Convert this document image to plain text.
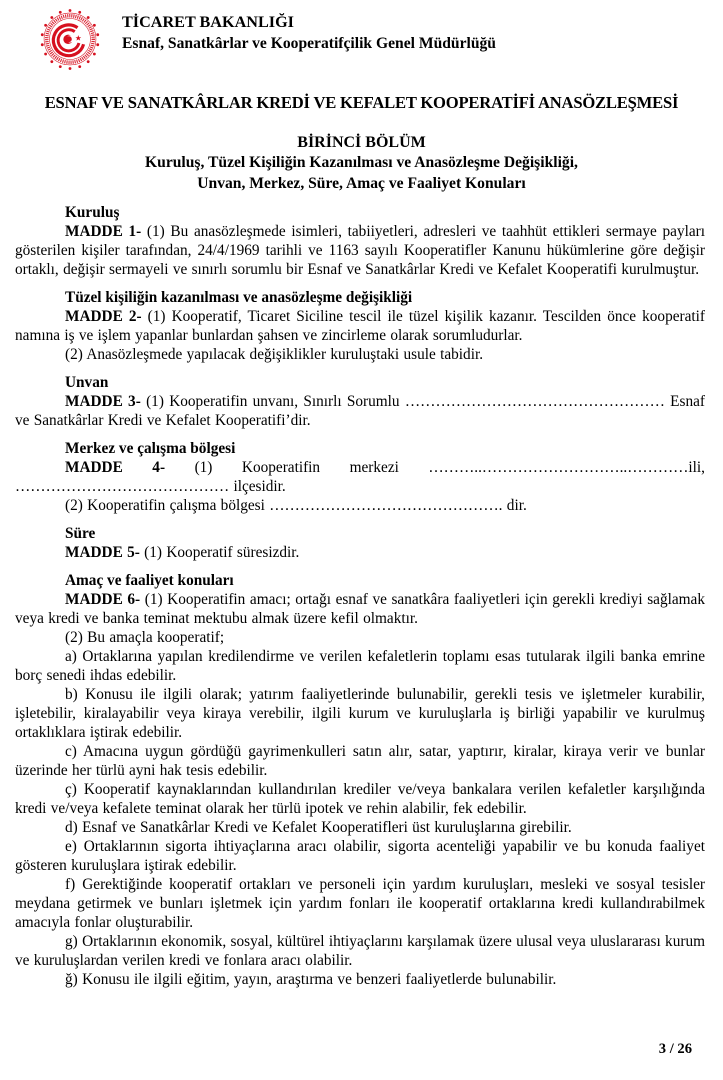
TİCARET BAKANLIĞI
Esnaf, Sanatkârlar ve Kooperatifçilik Genel Müdürlüğü
ESNAF VE SANATKÂRLAR KREDİ VE KEFALET KOOPERATİFİ ANASÖZLEŞMESİ
BİRİNCİ BÖLÜM
Kuruluş, Tüzel Kişiliğin Kazanılması ve Anasözleşme Değişikliği,
Unvan, Merkez, Süre, Amaç ve Faaliyet Konuları
Kuruluş

MADDE 1- (1) Bu anasözleşmede isimleri, tabiiyetleri, adresleri ve taahhüt ettikleri sermaye payları gösterilen kişiler tarafından, 24/4/1969 tarihli ve 1163 sayılı Kooperatifler Kanunu hükümlerine göre değişir ortaklı, değişir sermayeli ve sınırlı sorumlu bir Esnaf ve Sanatkârlar Kredi ve Kefalet Kooperatifi kurulmuştur.

Tüzel kişiliğin kazanılması ve anasözleşme değişikliği

MADDE 2- (1) Kooperatif, Ticaret Siciline tescil ile tüzel kişilik kazanır. Tescilden önce kooperatif namına iş ve işlem yapanlar bunlardan şahsen ve zincirleme olarak sorumludurlar.

(2) Anasözleşmede yapılacak değişiklikler kuruluştaki usule tabidir.

Unvan

MADDE 3- (1) Kooperatifin unvanı, Sınırlı Sorumlu …………………………………………… Esnaf ve Sanatkârlar Kredi ve Kefalet Kooperatifi’dir.

Merkez ve çalışma bölgesi

MADDE 4- (1) Kooperatifin merkezi ………..………………………..…………ili, …………………………………… ilçesidir.

(2) Kooperatifin çalışma bölgesi ………………………………………. dir.

Süre

MADDE 5- (1) Kooperatif süresizdir.

Amaç ve faaliyet konuları

MADDE 6- (1) Kooperatifin amacı; ortağı esnaf ve sanatkâra faaliyetleri için gerekli krediyi sağlamak veya kredi ve banka teminat mektubu almak üzere kefil olmaktır.

(2) Bu amaçla kooperatif;

a) Ortaklarına yapılan kredilendirme ve verilen kefaletlerin toplamı esas tutularak ilgili banka emrine borç senedi ihdas edebilir.

b) Konusu ile ilgili olarak; yatırım faaliyetlerinde bulunabilir, gerekli tesis ve işletmeler kurabilir, işletebilir, kiralayabilir veya kiraya verebilir, ilgili kurum ve kuruluşlarla iş birliği yapabilir ve kurulmuş ortaklıklara iştirak edebilir.

c) Amacına uygun gördüğü gayrimenkulleri satın alır, satar, yaptırır, kiralar, kiraya verir ve bunlar üzerinde her türlü ayni hak tesis edebilir.

ç) Kooperatif kaynaklarından kullandırılan krediler ve/veya bankalara verilen kefaletler karşılığında kredi ve/veya kefalete teminat olarak her türlü ipotek ve rehin alabilir, fek edebilir.

d) Esnaf ve Sanatkârlar Kredi ve Kefalet Kooperatifleri üst kuruluşlarına girebilir.

e) Ortaklarının sigorta ihtiyaçlarına aracı olabilir, sigorta acenteliği yapabilir ve bu konuda faaliyet gösteren kuruluşlara iştirak edebilir.

f) Gerektiğinde kooperatif ortakları ve personeli için yardım kuruluşları, mesleki ve sosyal tesisler meydana getirmek ve bunları işletmek için yardım fonları ile kooperatif ortaklarına kredi kullandırabilmek amacıyla fonlar oluşturabilir.

g) Ortaklarının ekonomik, sosyal, kültürel ihtiyaçlarını karşılamak üzere ulusal veya uluslararası kurum ve kuruluşlardan verilen kredi ve fonlara aracı olabilir.

ğ) Konusu ile ilgili eğitim, yayın, araştırma ve benzeri faaliyetlerde bulunabilir.

3 / 26
